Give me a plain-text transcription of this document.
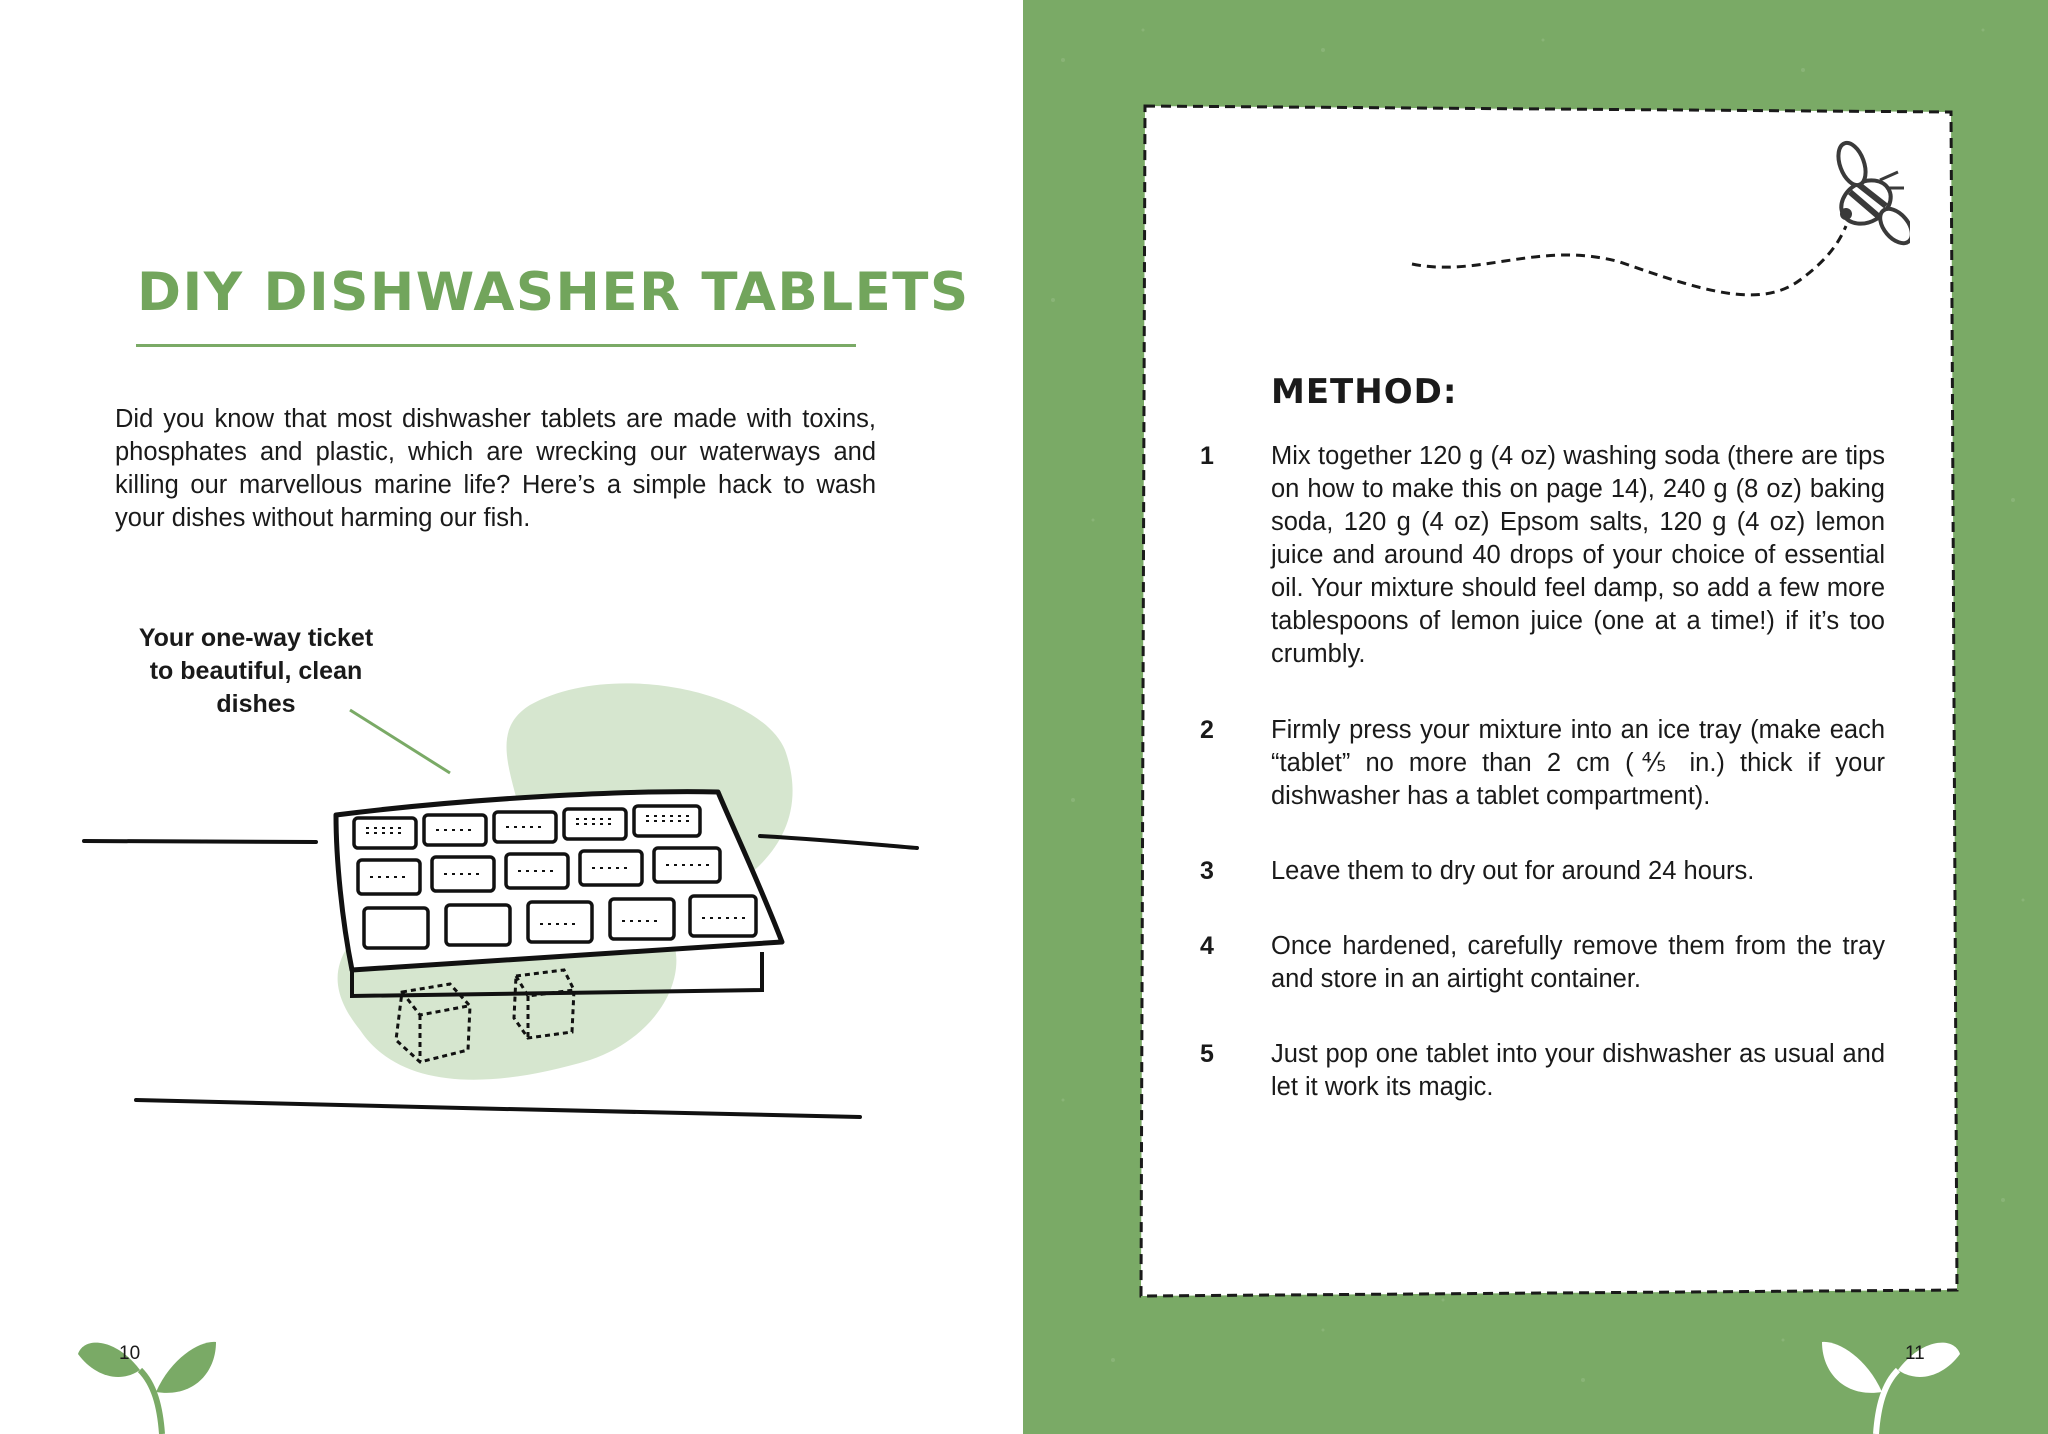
DIY DISHWASHER TABLETS

Did you know that most dishwasher tablets are made with toxins, phosphates and plastic, which are wrecking our waterways and killing our marvellous marine life? Here’s a simple hack to wash your dishes without harming our fish.

Your one-way ticket to beautiful, clean dishes

10
METHOD:
1	Mix together 120 g (4 oz) washing soda (there are tips on how to make this on page 14), 240 g (8 oz) baking soda, 120 g (4 oz) Epsom salts, 120 g (4 oz) lemon juice and around 40 drops of your choice of essential oil. Your mixture should feel damp, so add a few more tablespoons of lemon juice (one at a time!) if it’s too crumbly.

2	Firmly press your mixture into an ice tray (make each “tablet” no more than 2 cm (⅘ in.) thick if your dishwasher has a tablet compartment).

3	Leave them to dry out for around 24 hours.

4	Once hardened, carefully remove them from the tray and store in an airtight container.

5	Just pop one tablet into your dishwasher as usual and let it work its magic.

11
